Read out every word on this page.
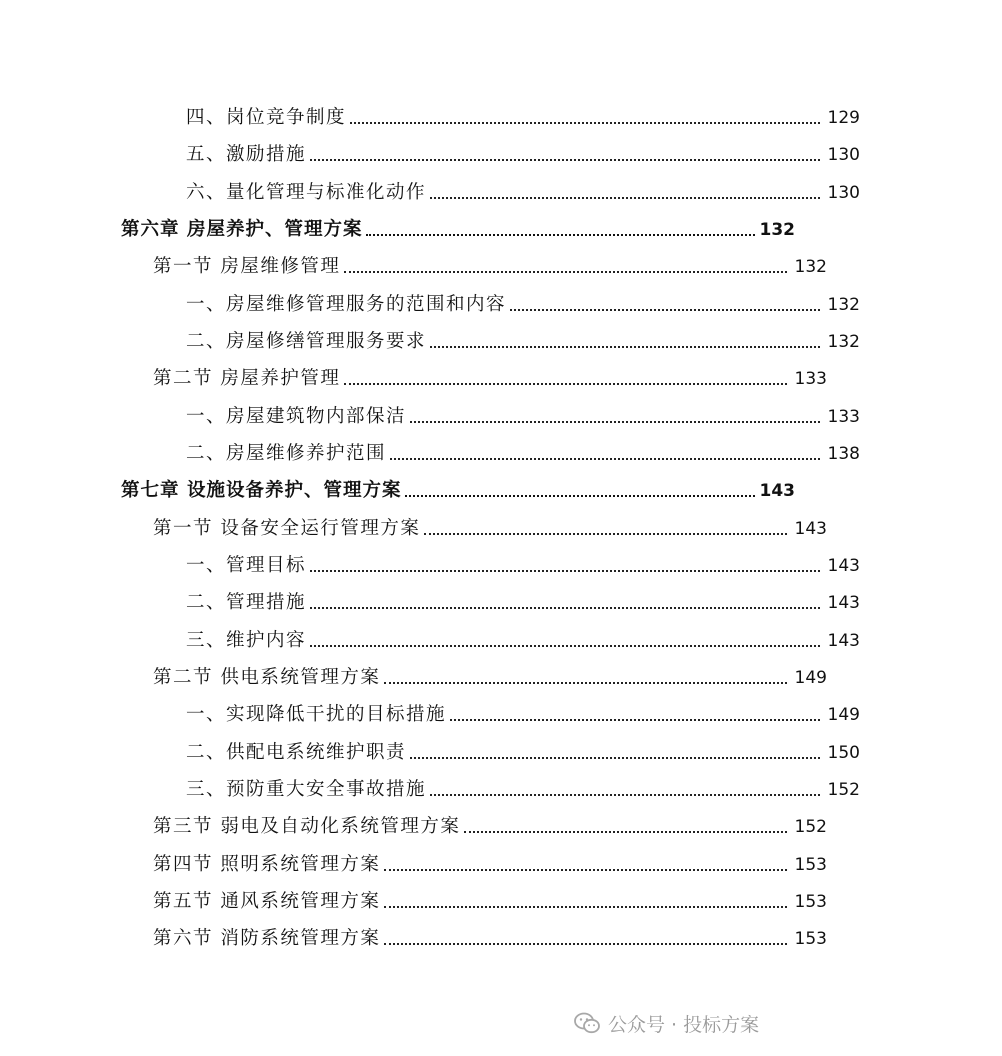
四、岗位竞争制度	129
五、激励措施	130
六、量化管理与标准化动作	130
第六章 房屋养护、管理方案	132
第一节 房屋维修管理	132
一、房屋维修管理服务的范围和内容	132
二、房屋修缮管理服务要求	132
第二节 房屋养护管理	133
一、房屋建筑物内部保洁	133
二、房屋维修养护范围	138
第七章 设施设备养护、管理方案	143
第一节 设备安全运行管理方案	143
一、管理目标	143
二、管理措施	143
三、维护内容	143
第二节 供电系统管理方案	149
一、实现降低干扰的目标措施	149
二、供配电系统维护职责	150
三、预防重大安全事故措施	152
第三节 弱电及自动化系统管理方案	152
第四节 照明系统管理方案	153
第五节 通风系统管理方案	153
第六节 消防系统管理方案	153
公众号 · 投标方案
